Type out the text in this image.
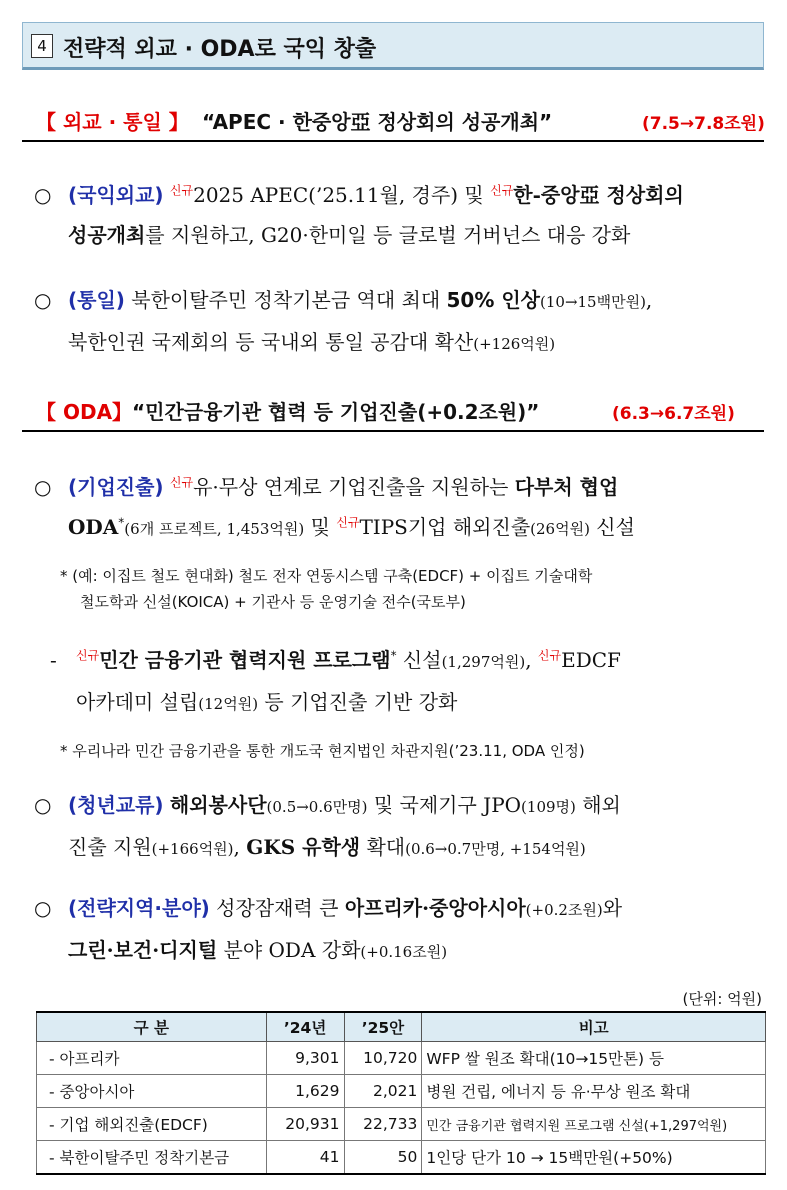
4 전략적 외교 · ODA로 국익 창출
【 외교 · 통일 】 “APEC · 한중앙亞 정상회의 성공개최”	(7.5→7.8조원)
○ (국익외교) $^{신규}$2025 APEC(’25.11월, 경주) 및 $^{신규}$한-중앙亞 정상회의
성공개최를 지원하고, G20·한미일 등 글로벌 거버넌스 대응 강화
○ (통일) 북한이탈주민 정착기본금 역대 최대 50% 인상(10→15백만원),
북한인권 국제회의 등 국내외 통일 공감대 확산(+126억원)
【 ODA】 “민간금융기관 협력 등 기업진출(+0.2조원)”	(6.3→6.7조원)
○ (기업진출) $^{신규}$유·무상 연계로 기업진출을 지원하는 다부처 협업
ODA*(6개 프로젝트, 1,453억원) 및 $^{신규}$TIPS기업 해외진출(26억원) 신설
* (예: 이집트 철도 현대화) 철도 전자 연동시스템 구축(EDCF) + 이집트 기술대학
철도학과 신설(KOICA) + 기관사 등 운영기술 전수(국토부)
-	$^{신규}$민간 금융기관 협력지원 프로그램* 신설(1,297억원), $^{신규}$EDCF
아카데미 설립(12억원) 등 기업진출 기반 강화
* 우리나라 민간 금융기관을 통한 개도국 현지법인 차관지원(’23.11, ODA 인정)
○ (청년교류) 해외봉사단(0.5→0.6만명) 및 국제기구 JPO(109명) 해외
진출 지원(+166억원), GKS 유학생 확대(0.6→0.7만명, +154억원)
○ (전략지역·분야) 성장잠재력 큰 아프리카·중앙아시아(+0.2조원)와
그린·보건·디지털 분야 ODA 강화(+0.16조원)
(단위: 억원)
구 분	’24년	’25안	비고
- 아프리카	9,301	10,720	WFP 쌀 원조 확대(10→15만톤) 등
- 중앙아시아	1,629	2,021	병원 건립, 에너지 등 유·무상 원조 확대
- 기업 해외진출(EDCF)	20,931	22,733	민간 금융기관 협력지원 프로그램 신설(+1,297억원)
- 북한이탈주민 정착기본금	41	50	1인당 단가 10 → 15백만원(+50%)
